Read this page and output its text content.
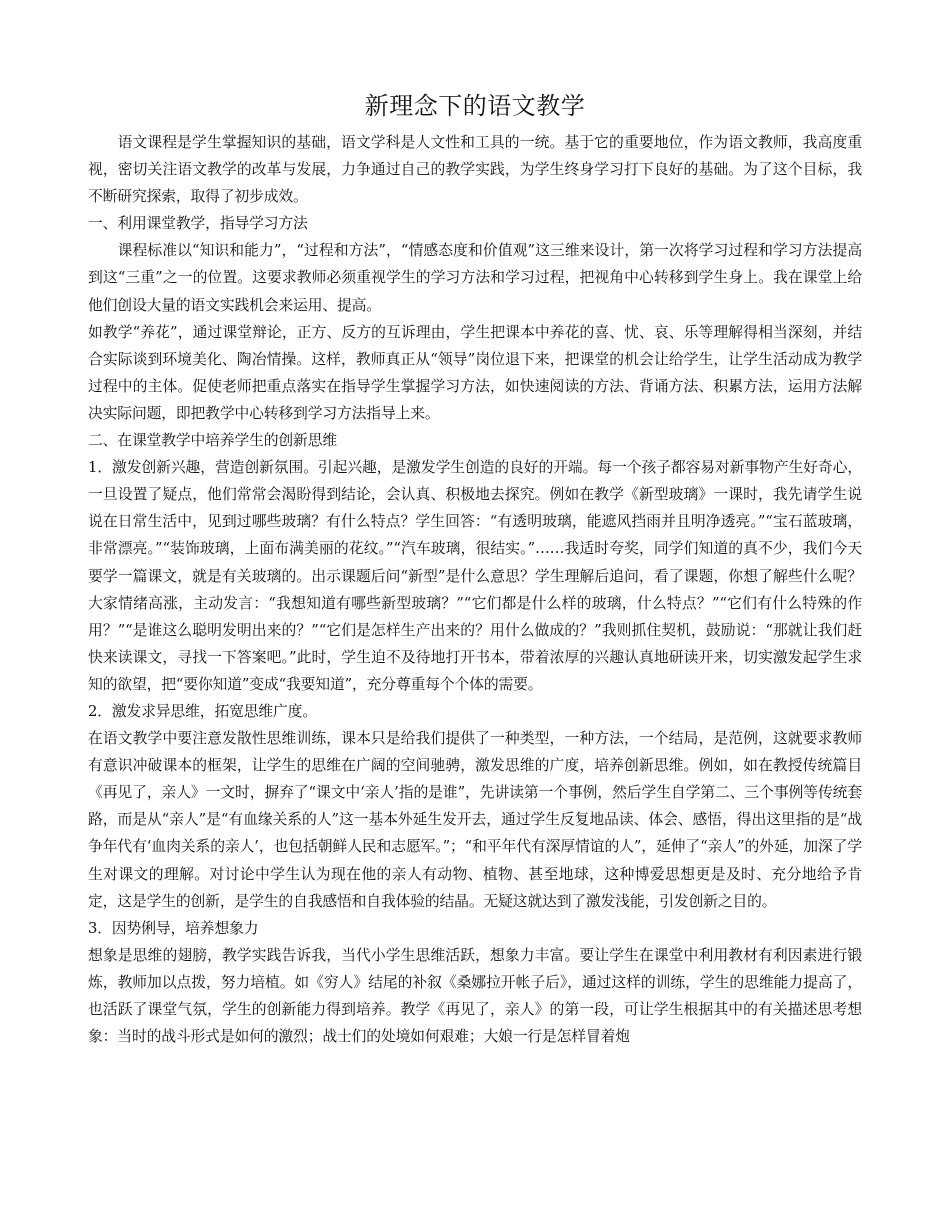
新理念下的语文教学

语文课程是学生掌握知识的基础，语文学科是人文性和工具的一统。基于它的重要地位，作为语文教师，我高度重视，密切关注语文教学的改革与发展，力争通过自己的教学实践，为学生终身学习打下良好的基础。为了这个目标，我不断研究探索，取得了初步成效。

一、利用课堂教学，指导学习方法

课程标准以“知识和能力”，“过程和方法”，“情感态度和价值观”这三维来设计，第一次将学习过程和学习方法提高到这“三重”之一的位置。这要求教师必须重视学生的学习方法和学习过程，把视角中心转移到学生身上。我在课堂上给他们创设大量的语文实践机会来运用、提高。

如教学“养花”，通过课堂辩论，正方、反方的互诉理由，学生把课本中养花的喜、忧、哀、乐等理解得相当深刻，并结合实际谈到环境美化、陶冶情操。这样，教师真正从“领导”岗位退下来，把课堂的机会让给学生，让学生活动成为教学过程中的主体。促使老师把重点落实在指导学生掌握学习方法，如快速阅读的方法、背诵方法、积累方法，运用方法解决实际问题，即把教学中心转移到学习方法指导上来。

二、在课堂教学中培养学生的创新思维

1．激发创新兴趣，营造创新氛围。引起兴趣，是激发学生创造的良好的开端。每一个孩子都容易对新事物产生好奇心，一旦设置了疑点，他们常常会渴盼得到结论，会认真、积极地去探究。例如在教学《新型玻璃》一课时，我先请学生说说在日常生活中，见到过哪些玻璃？有什么特点？学生回答：“有透明玻璃，能遮风挡雨并且明净透亮。”“宝石蓝玻璃，非常漂亮。”“装饰玻璃，上面布满美丽的花纹。”“汽车玻璃，很结实。”……我适时夸奖，同学们知道的真不少，我们今天要学一篇课文，就是有关玻璃的。出示课题后问“新型”是什么意思？学生理解后追问，看了课题，你想了解些什么呢？大家情绪高涨，主动发言：“我想知道有哪些新型玻璃？”“它们都是什么样的玻璃，什么特点？”“它们有什么特殊的作用？”“是谁这么聪明发明出来的？”“它们是怎样生产出来的？用什么做成的？”我则抓住契机，鼓励说：“那就让我们赶快来读课文，寻找一下答案吧。”此时，学生迫不及待地打开书本，带着浓厚的兴趣认真地研读开来，切实激发起学生求知的欲望，把“要你知道”变成“我要知道”，充分尊重每个个体的需要。

2．激发求异思维，拓宽思维广度。

在语文教学中要注意发散性思维训练，课本只是给我们提供了一种类型，一种方法，一个结局，是范例，这就要求教师有意识冲破课本的框架，让学生的思维在广阔的空间驰骋，激发思维的广度，培养创新思维。例如，如在教授传统篇目《再见了，亲人》一文时，摒弃了“课文中‘亲人’指的是谁”，先讲读第一个事例，然后学生自学第二、三个事例等传统套路，而是从“亲人”是“有血缘关系的人”这一基本外延生发开去，通过学生反复地品读、体会、感悟，得出这里指的是“战争年代有‘血肉关系的亲人’，也包括朝鲜人民和志愿军。”；“和平年代有深厚情谊的人”，延伸了“亲人”的外延，加深了学生对课文的理解。对讨论中学生认为现在他的亲人有动物、植物、甚至地球，这种博爱思想更是及时、充分地给予肯定，这是学生的创新，是学生的自我感悟和自我体验的结晶。无疑这就达到了激发浅能，引发创新之目的。

3．因势俐导，培养想象力

想象是思维的翅膀，教学实践告诉我，当代小学生思维活跃，想象力丰富。要让学生在课堂中利用教材有利因素进行锻炼，教师加以点拨，努力培植。如《穷人》结尾的补叙《桑娜拉开帐子后》，通过这样的训练，学生的思维能力提高了，也活跃了课堂气氛，学生的创新能力得到培养。教学《再见了，亲人》的第一段，可让学生根据其中的有关描述思考想象：当时的战斗形式是如何的激烈；战士们的处境如何艰难；大娘一行是怎样冒着炮
